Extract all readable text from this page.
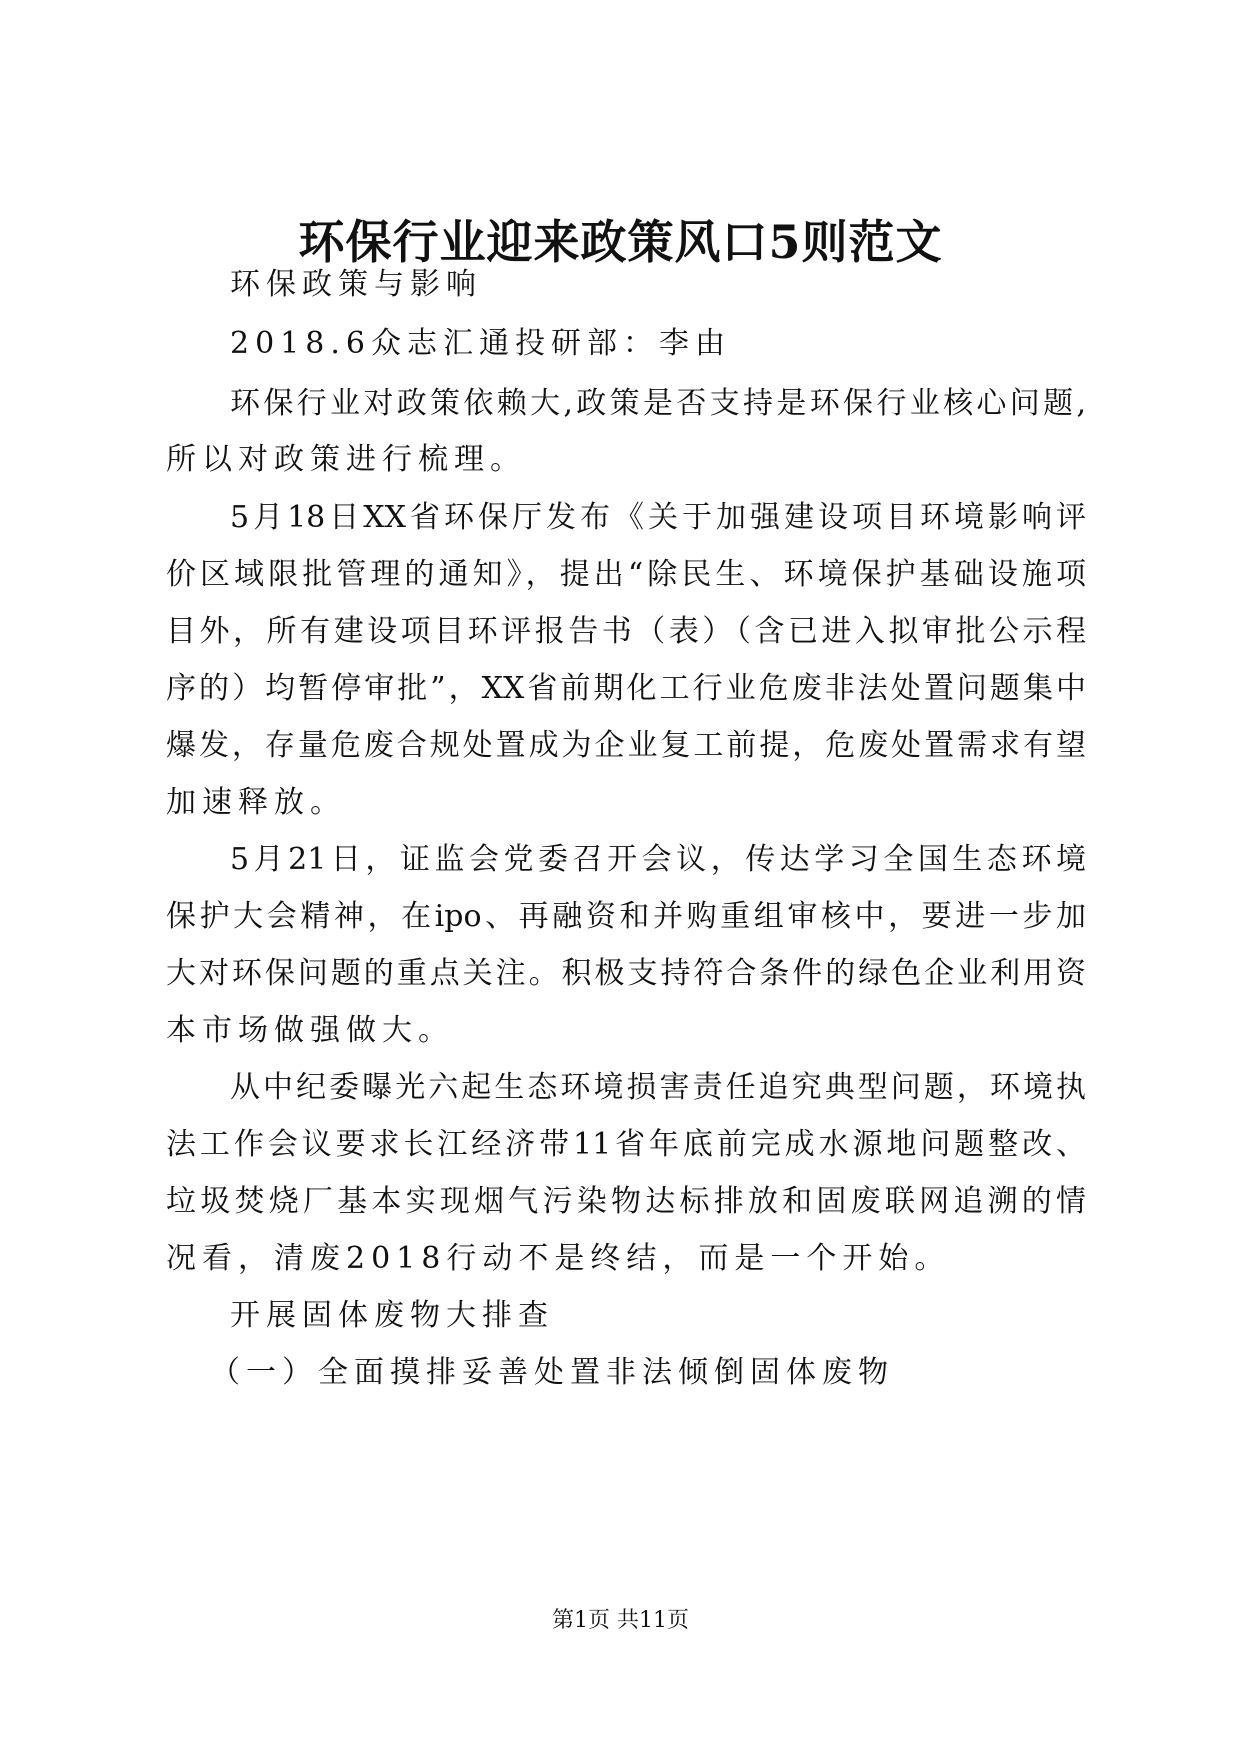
环保行业迎来政策风口5则范文
环保政策与影响
2018.6众志汇通投研部：李由
环保行业对政策依赖大,政策是否支持是环保行业核心问题,
所以对政策进行梳理。
5月18日XX省环保厅发布《关于加强建设项目环境影响评
价区域限批管理的通知》，提出“除民生、环境保护基础设施项
目外，所有建设项目环评报告书（表）（含已进入拟审批公示程
序的）均暂停审批”，XX省前期化工行业危废非法处置问题集中
爆发，存量危废合规处置成为企业复工前提，危废处置需求有望
加速释放。
5月21日，证监会党委召开会议，传达学习全国生态环境
保护大会精神，在ipo、再融资和并购重组审核中，要进一步加
大对环保问题的重点关注。积极支持符合条件的绿色企业利用资
本市场做强做大。
从中纪委曝光六起生态环境损害责任追究典型问题，环境执
法工作会议要求长江经济带11省年底前完成水源地问题整改、
垃圾焚烧厂基本实现烟气污染物达标排放和固废联网追溯的情
况看，清废2018行动不是终结，而是一个开始。
开展固体废物大排查
（一）全面摸排妥善处置非法倾倒固体废物
第1页 共11页
